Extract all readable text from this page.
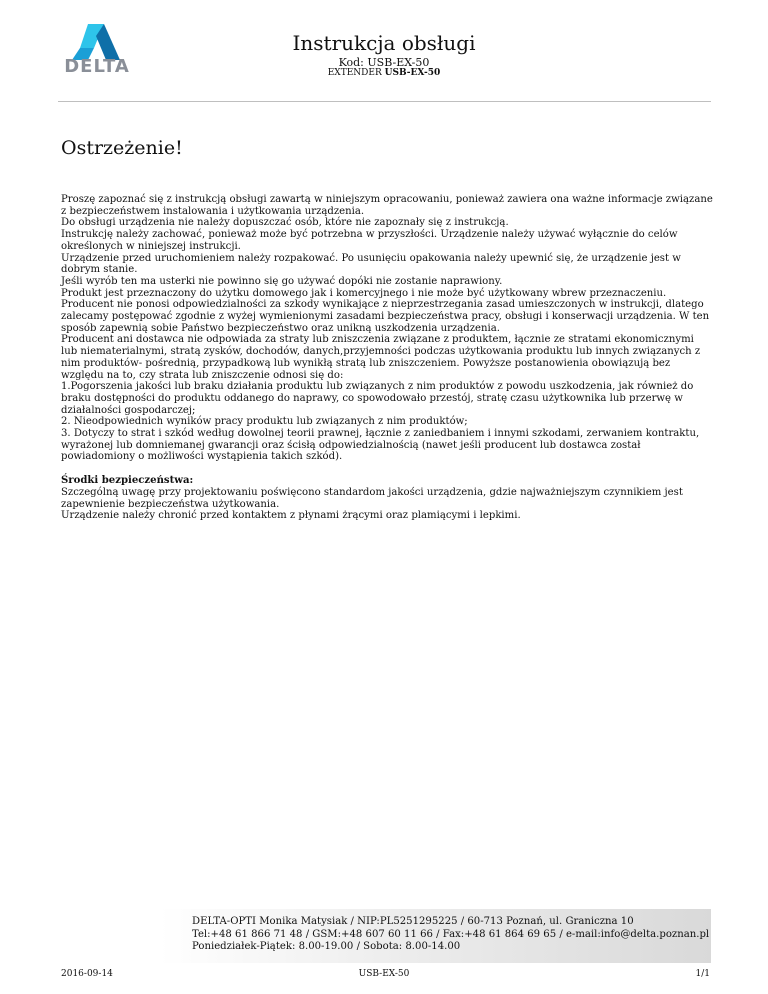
DELTA
Instrukcja obsługi
Kod: USB-EX-50
EXTENDER USB-EX-50
Ostrzeżenie!

Proszę zapoznać się z instrukcją obsługi zawartą w niniejszym opracowaniu, ponieważ zawiera ona ważne informacje związane z bezpieczeństwem instalowania i użytkowania urządzenia.

Do obsługi urządzenia nie należy dopuszczać osób, które nie zapoznały się z instrukcją.

Instrukcję należy zachować, ponieważ może być potrzebna w przyszłości. Urządzenie należy używać wyłącznie do celów określonych w niniejszej instrukcji.

Urządzenie przed uruchomieniem należy rozpakować. Po usunięciu opakowania należy upewnić się, że urządzenie jest w dobrym stanie.

Jeśli wyrób ten ma usterki nie powinno się go używać dopóki nie zostanie naprawiony.

Produkt jest przeznaczony do użytku domowego jak i komercyjnego i nie może być użytkowany wbrew przeznaczeniu.

Producent nie ponosi odpowiedzialności za szkody wynikające z nieprzestrzegania zasad umieszczonych w instrukcji, dlatego zalecamy postępować zgodnie z wyżej wymienionymi zasadami bezpieczeństwa pracy, obsługi i konserwacji urządzenia. W ten sposób zapewnią sobie Państwo bezpieczeństwo oraz unikną uszkodzenia urządzenia.

Producent ani dostawca nie odpowiada za straty lub zniszczenia związane z produktem, łącznie ze stratami ekonomicznymi lub niematerialnymi, stratą zysków, dochodów, danych,przyjemności podczas użytkowania produktu lub innych związanych z nim produktów- pośrednią, przypadkową lub wynikłą stratą lub zniszczeniem. Powyższe postanowienia obowiązują bez względu na to, czy strata lub zniszczenie odnosi się do:

1.Pogorszenia jakości lub braku działania produktu lub związanych z nim produktów z powodu uszkodzenia, jak również do braku dostępności do produktu oddanego do naprawy, co spowodowało przestój, stratę czasu użytkownika lub przerwę w działalności gospodarczej;

2. Nieodpowiednich wyników pracy produktu lub związanych z nim produktów;

3. Dotyczy to strat i szkód według dowolnej teorii prawnej, łącznie z zaniedbaniem i innymi szkodami, zerwaniem kontraktu, wyrażonej lub domniemanej gwarancji oraz ścisłą odpowiedzialnością (nawet jeśli producent lub dostawca został powiadomiony o możliwości wystąpienia takich szkód).

Środki bezpieczeństwa:

Szczególną uwagę przy projektowaniu poświęcono standardom jakości urządzenia, gdzie najważniejszym czynnikiem jest zapewnienie bezpieczeństwa użytkowania.

Urządzenie należy chronić przed kontaktem z płynami żrącymi oraz plamiącymi i lepkimi.

DELTA-OPTI Monika Matysiak / NIP:PL5251295225 / 60-713 Poznań, ul. Graniczna 10
Tel:+48 61 866 71 48 / GSM:+48 607 60 11 66 / Fax:+48 61 864 69 65 / e-mail:info@delta.poznan.pl
Poniedziałek-Piątek: 8.00-19.00 / Sobota: 8.00-14.00
2016-09-14	USB-EX-50	1/1
